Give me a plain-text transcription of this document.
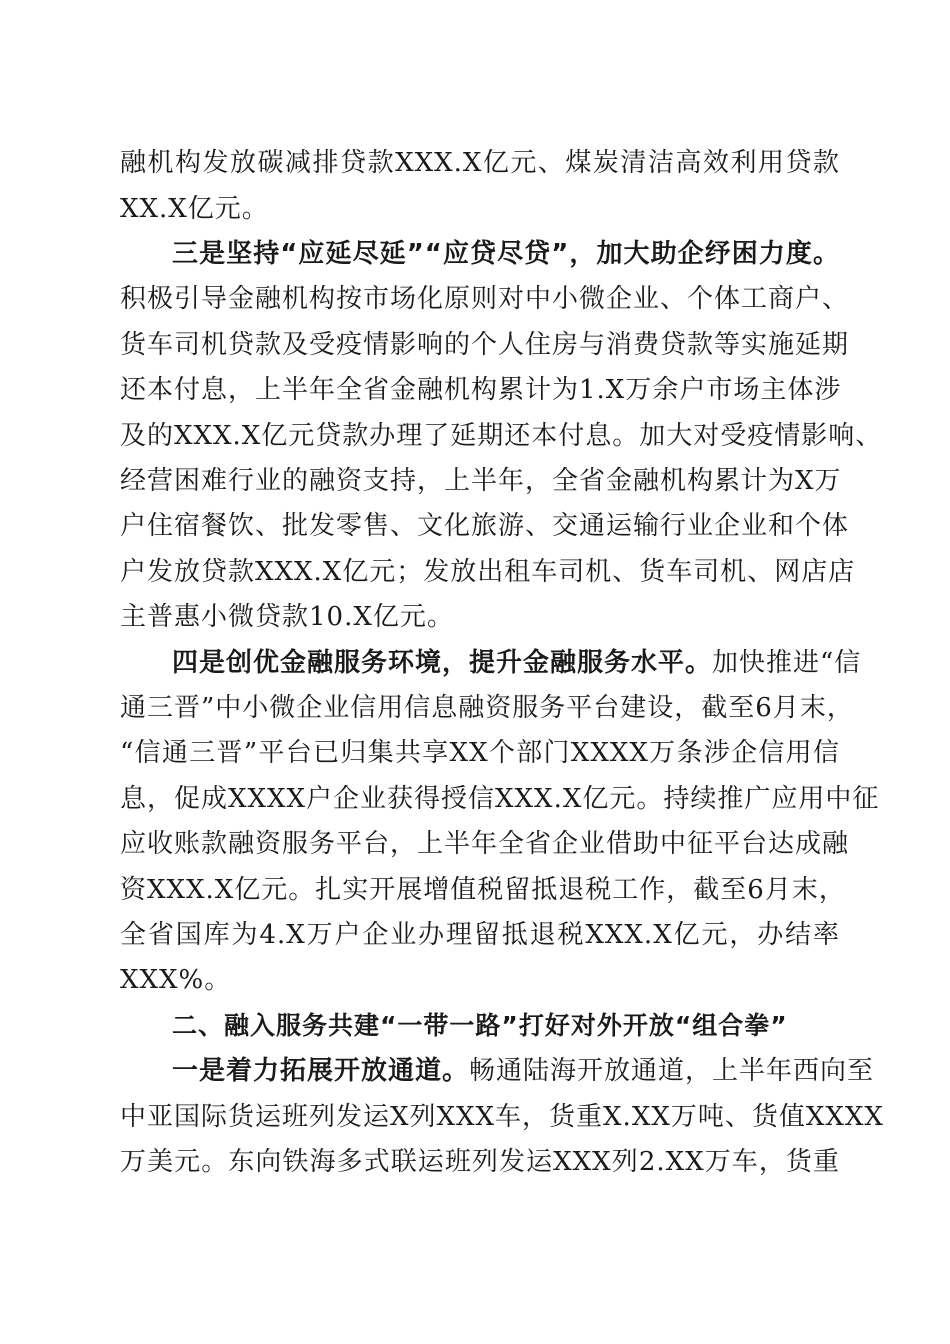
融机构发放碳减排贷款XXX.X亿元、煤炭清洁高效利用贷款
XX.X亿元。
三是坚持“应延尽延”“应贷尽贷”，加大助企纾困力度。
积极引导金融机构按市场化原则对中小微企业、个体工商户、
货车司机贷款及受疫情影响的个人住房与消费贷款等实施延期
还本付息，上半年全省金融机构累计为1.X万余户市场主体涉
及的XXX.X亿元贷款办理了延期还本付息。加大对受疫情影响、
经营困难行业的融资支持，上半年，全省金融机构累计为X万
户住宿餐饮、批发零售、文化旅游、交通运输行业企业和个体
户发放贷款XXX.X亿元；发放出租车司机、货车司机、网店店
主普惠小微贷款10.X亿元。
四是创优金融服务环境，提升金融服务水平。加快推进“信
通三晋”中小微企业信用信息融资服务平台建设，截至6月末，
“信通三晋”平台已归集共享XX个部门XXXX万条涉企信用信
息，促成XXXX户企业获得授信XXX.X亿元。持续推广应用中征
应收账款融资服务平台，上半年全省企业借助中征平台达成融
资XXX.X亿元。扎实开展增值税留抵退税工作，截至6月末，
全省国库为4.X万户企业办理留抵退税XXX.X亿元，办结率
XXX%。
二、融入服务共建“一带一路”打好对外开放“组合拳”
一是着力拓展开放通道。畅通陆海开放通道，上半年西向至
中亚国际货运班列发运X列XXX车，货重X.XX万吨、货值XXXX
万美元。东向铁海多式联运班列发运XXX列2.XX万车，货重
